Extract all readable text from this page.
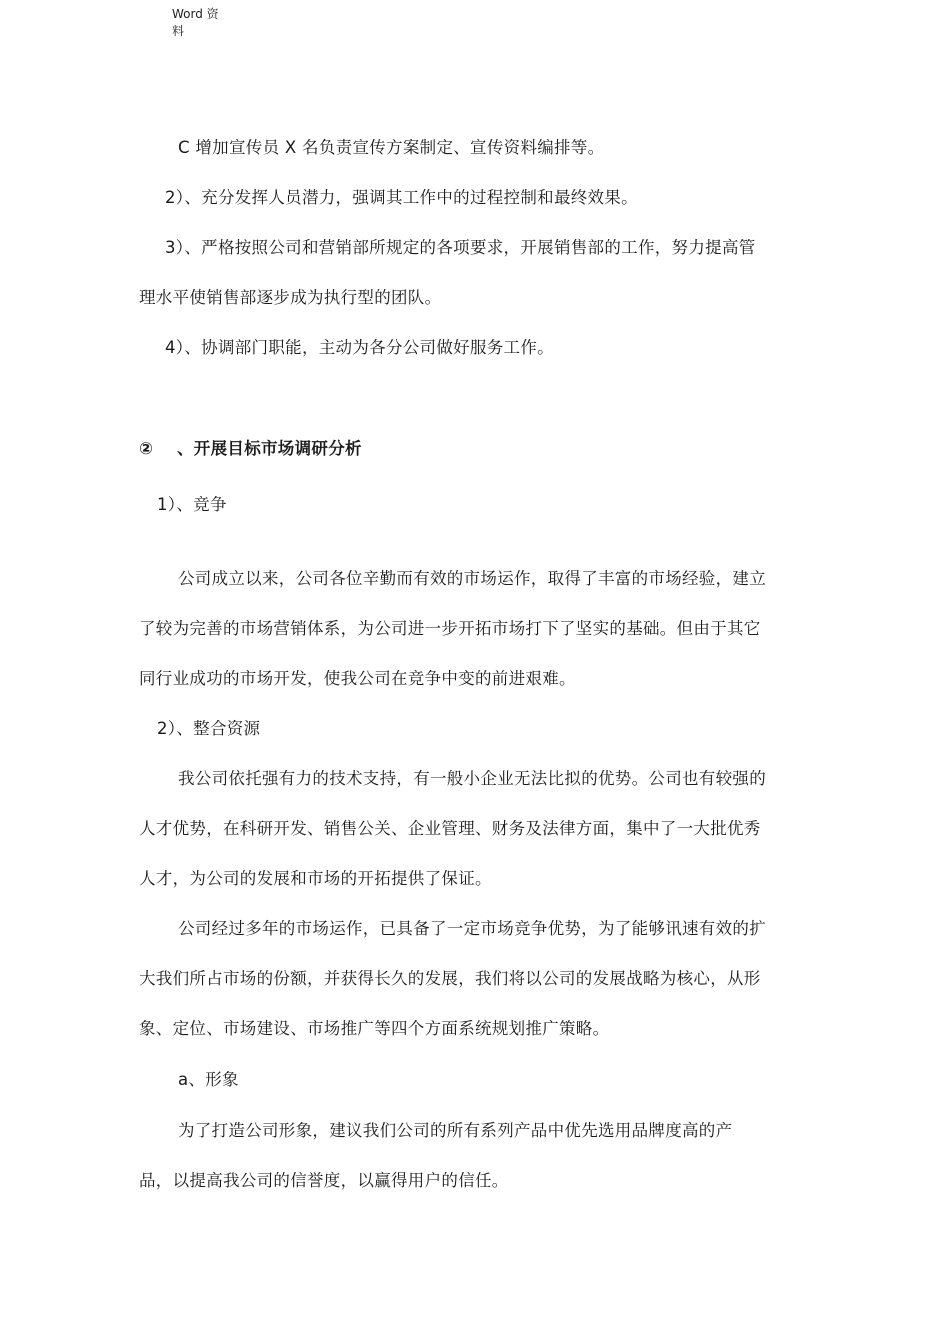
Word 资
料
C 增加宣传员 X 名负责宣传方案制定、宣传资料编排等。
2）、充分发挥人员潜力，强调其工作中的过程控制和最终效果。
3）、严格按照公司和营销部所规定的各项要求，开展销售部的工作，努力提高管
理水平使销售部逐步成为执行型的团队。
4）、协调部门职能，主动为各分公司做好服务工作。
② 、开展目标市场调研分析
1）、竞争
公司成立以来，公司各位辛勤而有效的市场运作，取得了丰富的市场经验，建立
了较为完善的市场营销体系，为公司进一步开拓市场打下了坚实的基础。但由于其它
同行业成功的市场开发，使我公司在竞争中变的前进艰难。
2）、整合资源
我公司依托强有力的技术支持，有一般小企业无法比拟的优势。公司也有较强的
人才优势，在科研开发、销售公关、企业管理、财务及法律方面，集中了一大批优秀
人才，为公司的发展和市场的开拓提供了保证。
公司经过多年的市场运作，已具备了一定市场竞争优势，为了能够讯速有效的扩
大我们所占市场的份额，并获得长久的发展，我们将以公司的发展战略为核心，从形
象、定位、市场建设、市场推广等四个方面系统规划推广策略。
a、形象
为了打造公司形象，建议我们公司的所有系列产品中优先选用品牌度高的产
品，以提高我公司的信誉度，以赢得用户的信任。
